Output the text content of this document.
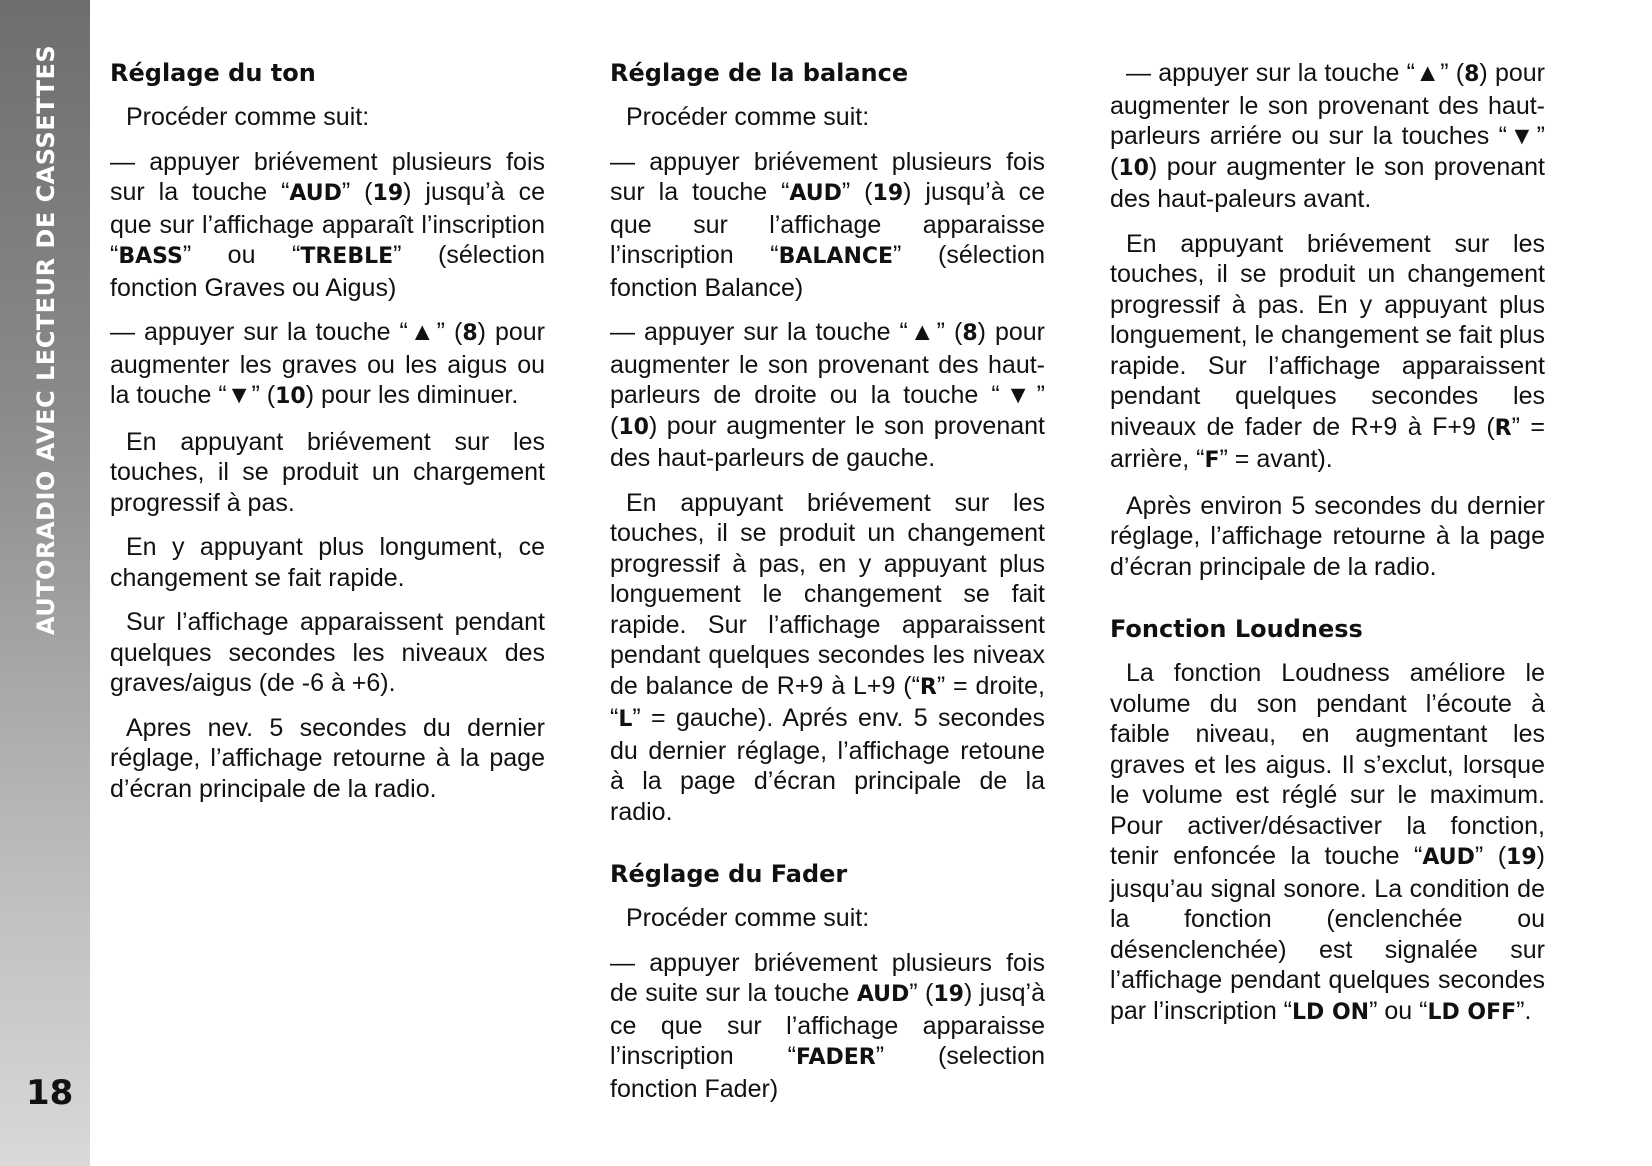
AUTORADIO AVEC LECTEUR DE CASSETTES
18
Réglage du ton

Procéder comme suit:

— appuyer briévement plusieurs fois sur la touche “AUD” (19) jusqu’à ce que sur l’affichage apparaît l’inscription “BASS” ou “TREBLE” (sélection fonction Graves ou Aigus)

— appuyer sur la touche “▲” (8) pour augmenter les graves ou les aigus ou la touche “▼” (10) pour les diminuer.

En appuyant briévement sur les touches, il se produit un chargement progressif à pas.

En y appuyant plus longument, ce changement se fait rapide.

Sur l’affichage apparaissent pendant quelques secondes les niveaux des graves/aigus (de -6 à +6).

Apres nev. 5 secondes du dernier réglage, l’affichage retourne à la page d’écran principale de la radio.

Réglage de la balance

Procéder comme suit:

— appuyer briévement plusieurs fois sur la touche “AUD” (19) jusqu’à ce que sur l’affichage apparaisse l’inscription “BALANCE” (sélection fonction Balance)

— appuyer sur la touche “▲” (8) pour augmenter le son provenant des haut-parleurs de droite ou la touche “▼” (10) pour augmenter le son provenant des haut-parleurs de gauche.

En appuyant briévement sur les touches, il se produit un changement progressif à pas, en y appuyant plus longuement le changement se fait rapide. Sur l’affichage apparaissent pendant quelques secondes les niveax de balance de R+9 à L+9 (“R” = droite, “L” = gauche). Aprés env. 5 secondes du dernier réglage, l’affichage retoune à la page d’écran principale de la radio.

Réglage du Fader

Procéder comme suit:

— appuyer briévement plusieurs fois de suite sur la touche AUD” (19) jusq’à ce que sur l’affichage apparaisse l’inscription “FADER” (selection fonction Fader)

— appuyer sur la touche “▲” (8) pour augmenter le son provenant des haut-parleurs arriére ou sur la touches “▼” (10) pour augmenter le son provenant des haut-paleurs avant.

En appuyant briévement sur les touches, il se produit un changement progressif à pas. En y appuyant plus longuement, le changement se fait plus rapide. Sur l’affichage apparaissent pendant quelques secondes les niveaux de fader de R+9 à F+9 (R” = arrière, “F” = avant).

Après environ 5 secondes du dernier réglage, l’affichage retourne à la page d’écran principale de la radio.

Fonction Loudness

La fonction Loudness améliore le volume du son pendant l’écoute à faible niveau, en augmentant les graves et les aigus. Il s’exclut, lorsque le volume est réglé sur le maximum. Pour activer/désactiver la fonction, tenir enfoncée la touche “AUD” (19) jusqu’au signal sonore. La condition de la fonction (enclenchée ou désenclenchée) est signalée sur l’affichage pendant quelques secondes par l’inscription “LD ON” ou “LD OFF”.
